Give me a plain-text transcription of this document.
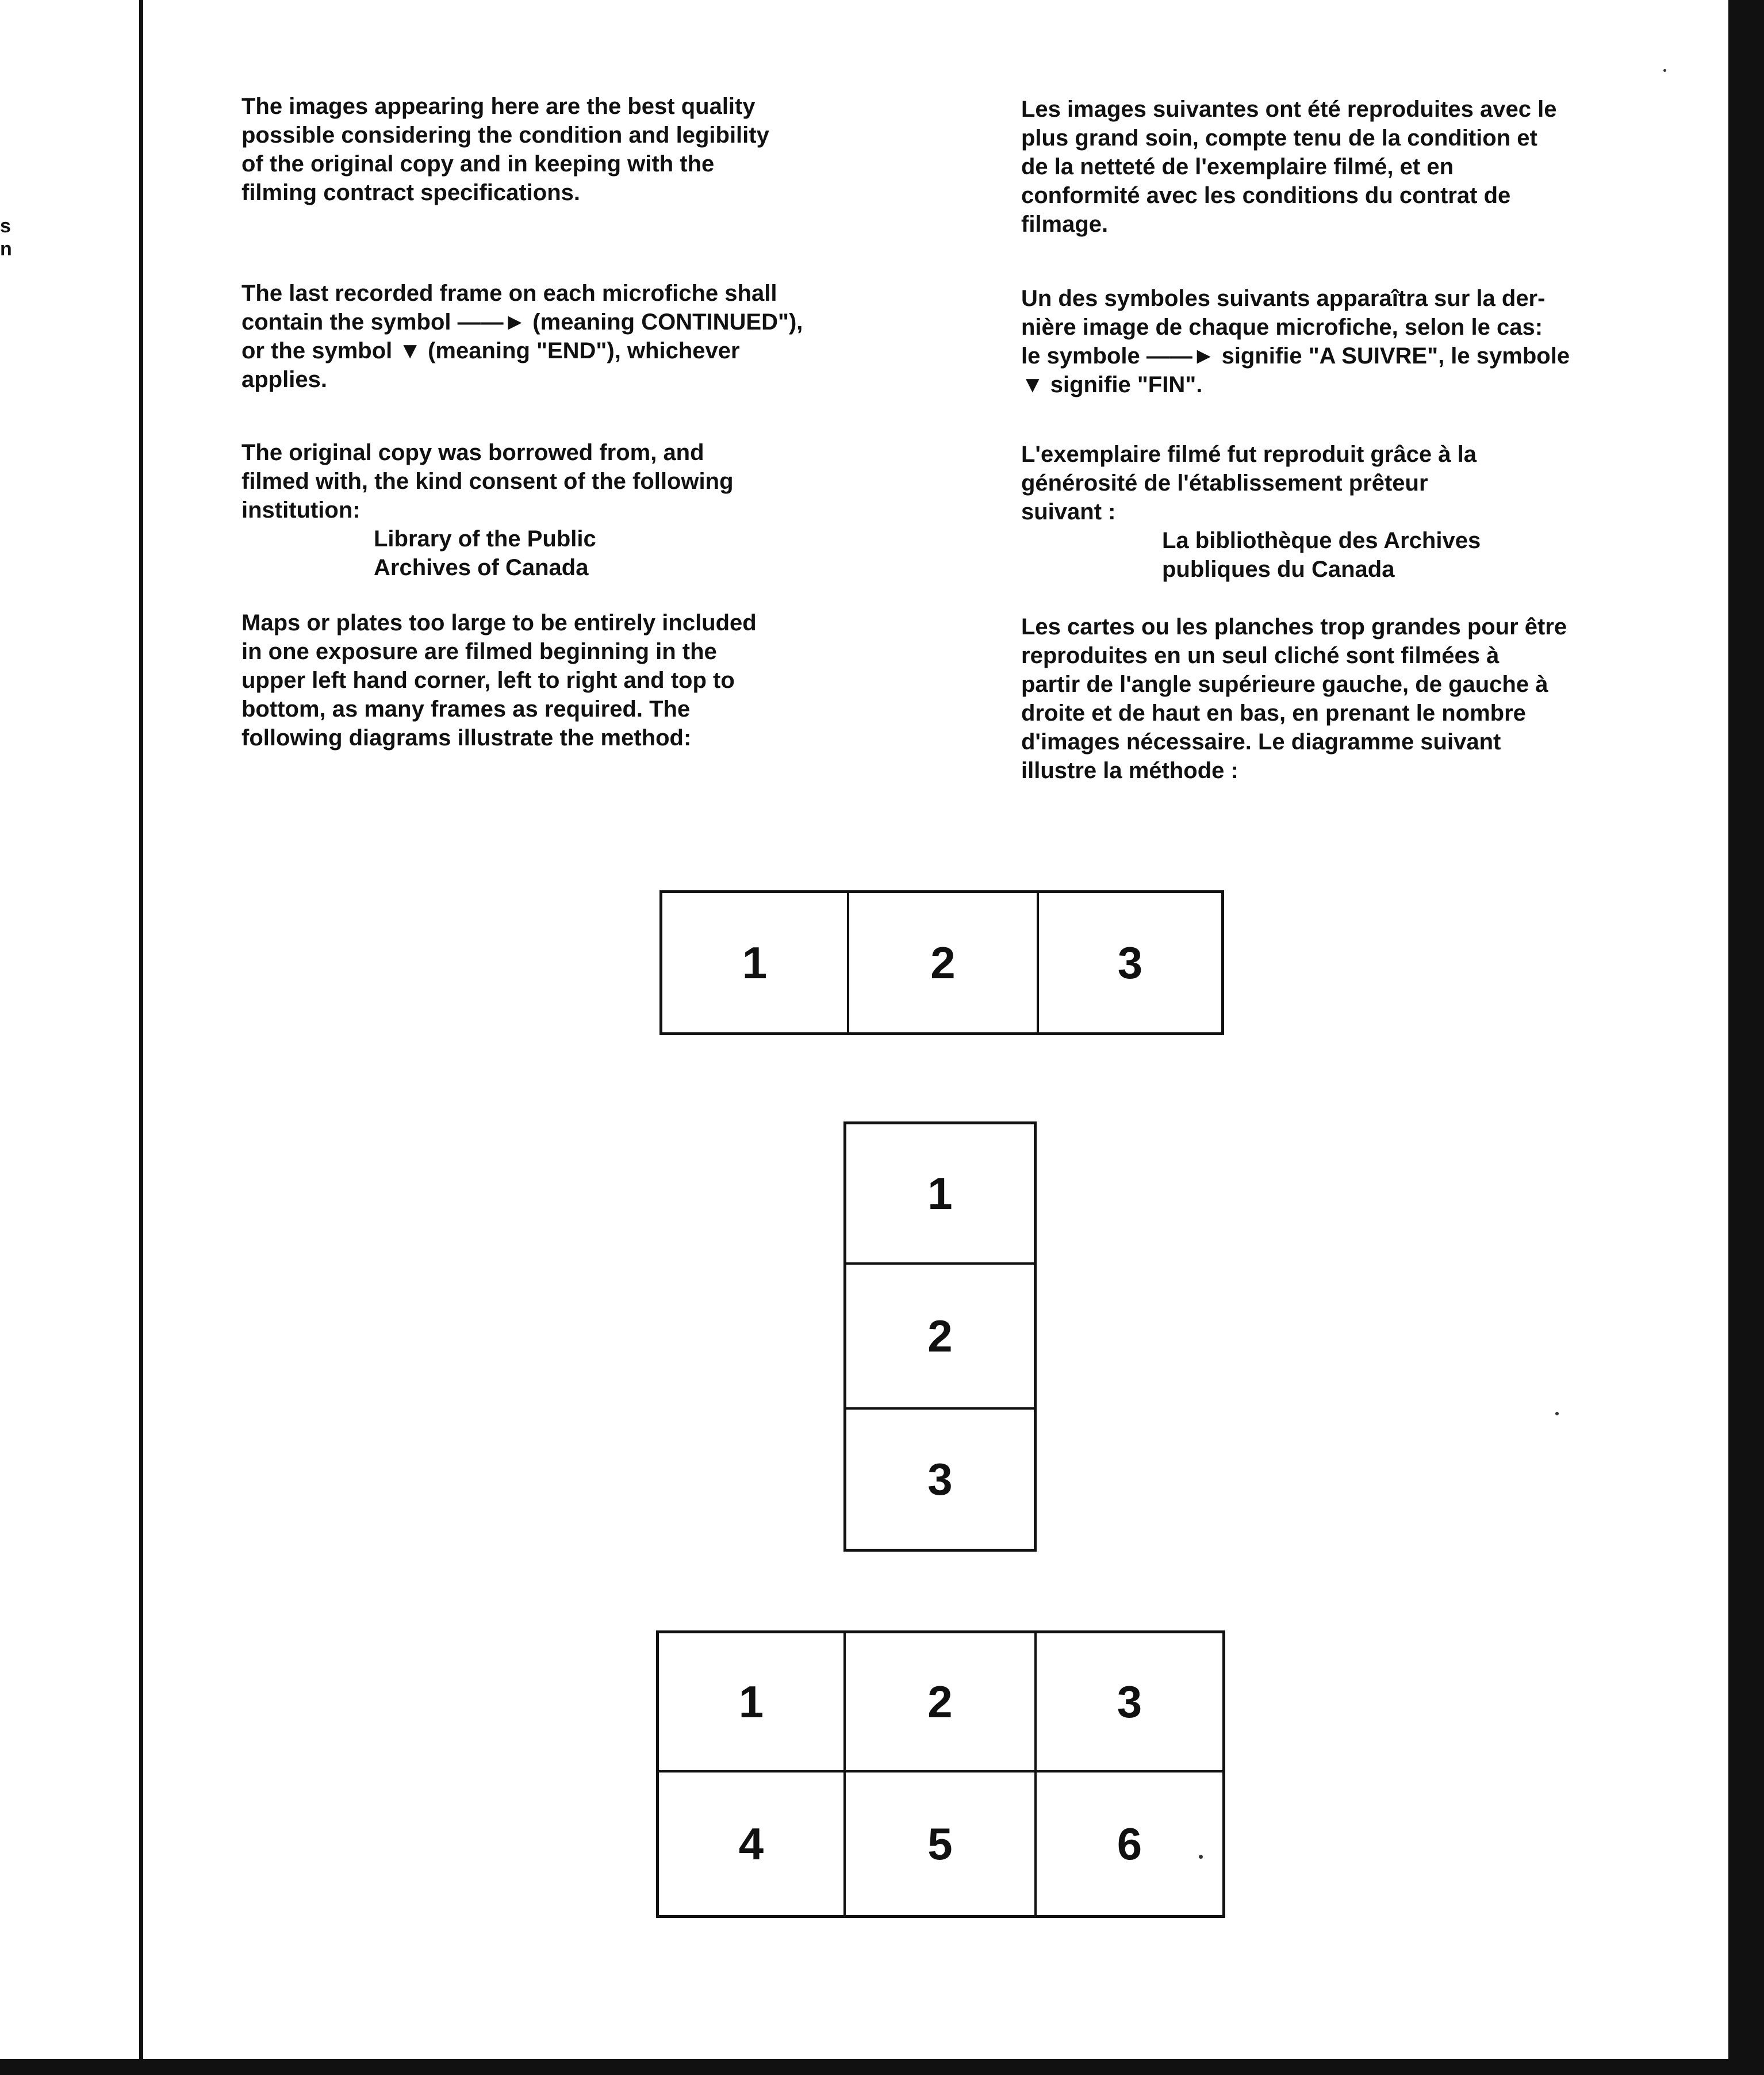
s
n

The images appearing here are the best quality

possible considering the condition and legibility

of the original copy and in keeping with the

filming contract specifications.

The last recorded frame on each microfiche shall

contain the symbol ——► (meaning CONTINUED"),

or the symbol ▼ (meaning "END"), whichever

applies.

The original copy was borrowed from, and

filmed with, the kind consent of the following

institution:

Library of the Public

Archives of Canada

Maps or plates too large to be entirely included

in one exposure are filmed beginning in the

upper left hand corner, left to right and top to

bottom, as many frames as required. The

following diagrams illustrate the method:

Les images suivantes ont été reproduites avec le

plus grand soin, compte tenu de la condition et

de la netteté de l'exemplaire filmé, et en

conformité avec les conditions du contrat de

filmage.

Un des symboles suivants apparaîtra sur la der-

nière image de chaque microfiche, selon le cas:

le symbole ——► signifie "A SUIVRE", le symbole

▼ signifie "FIN".

L'exemplaire filmé fut reproduit grâce à la

générosité de l'établissement prêteur

suivant :

La bibliothèque des Archives

publiques du Canada

Les cartes ou les planches trop grandes pour être

reproduites en un seul cliché sont filmées à

partir de l'angle supérieure gauche, de gauche à

droite et de haut en bas, en prenant le nombre

d'images nécessaire. Le diagramme suivant

illustre la méthode :

1	2	3
1
2
3
1	2	3
4	5	6
